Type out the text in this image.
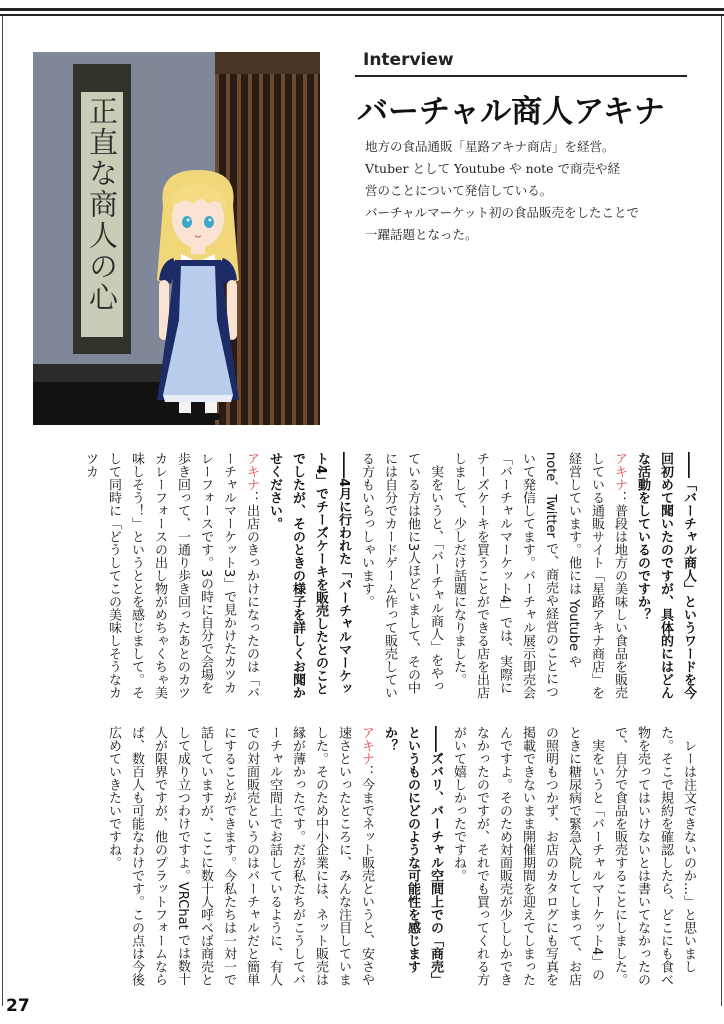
正直な商人の心
Interview
バーチャル商人アキナ
地方の食品通販「星路アキナ商店」を経営。
Vtuber として Youtube や note で商売や経
営のことについて発信している。
バーチャルマーケット初の食品販売をしたことで
一躍話題となった。

――「バーチャル商人」というワードを今回初めて聞いたのですが、具体的にはどんな活動をしているのですか？

アキナ：普段は地方の美味しい食品を販売している通販サイト「星路アキナ商店」を経営しています。他には Youtube や note、Twitter で、商売や経営のことについて発信してます。バーチャル展示即売会「バーチャルマーケット4」では、実際にチーズケーキを買うことができる店を出店しまして、少しだけ話題になりました。

実をいうと、「バーチャル商人」をやっている方は他に3人ほどいまして、その中には自分でカードゲーム作って販売している方もいらっしゃいます。

――4月に行われた「バーチャルマーケット4」でチーズケーキを販売したとのことでしたが、そのときの様子を詳しくお聞かせください。

アキナ：出店のきっかけになったのは「バーチャルマーケット3」で見かけたカツカレーフォースです。3の時に自分で会場を歩き回って、一通り歩き回ったあとのカツカレーフォースの出し物がめちゃくちゃ美味しそう！」というととを感じまして。そして同時に「どうしてこの美味しそうなカツカ

レーは注文できないのか…」と思いました。そこで規約を確認したら、どこにも食べ物を売ってはいけないとは書いてなかったので、自分で食品を販売することにしました。

実をいうと「バーチャルマーケット4」のときに糖尿病で緊急入院してしまって、お店の照明もつかず、お店のカタログにも写真を掲載できないまま開催期間を迎えてしまったんですよ。そのため対面販売が少ししかできなかったのですが、それでも買ってくれる方がいて嬉しかったですね。

――ズバリ、バーチャル空間上での「商売」というものにどのような可能性を感じますか？

アキナ：今までネット販売というと、安さや速さといったところに、みんな注目していました。そのため中小企業には、ネット販売は縁が薄かったです。だが私たちがこうしてバーチャル空間上でお話しているように、有人での対面販売というのはバーチャルだと簡単にすることができます。今私たちは一対一で話していますが、ここに数十人呼べば商売として成り立つわけですよ。VRChat では数十人が限界ですが、他のプラットフォームならば、数百人も可能なわけです。この点は今後広めていきたいですね。

27
